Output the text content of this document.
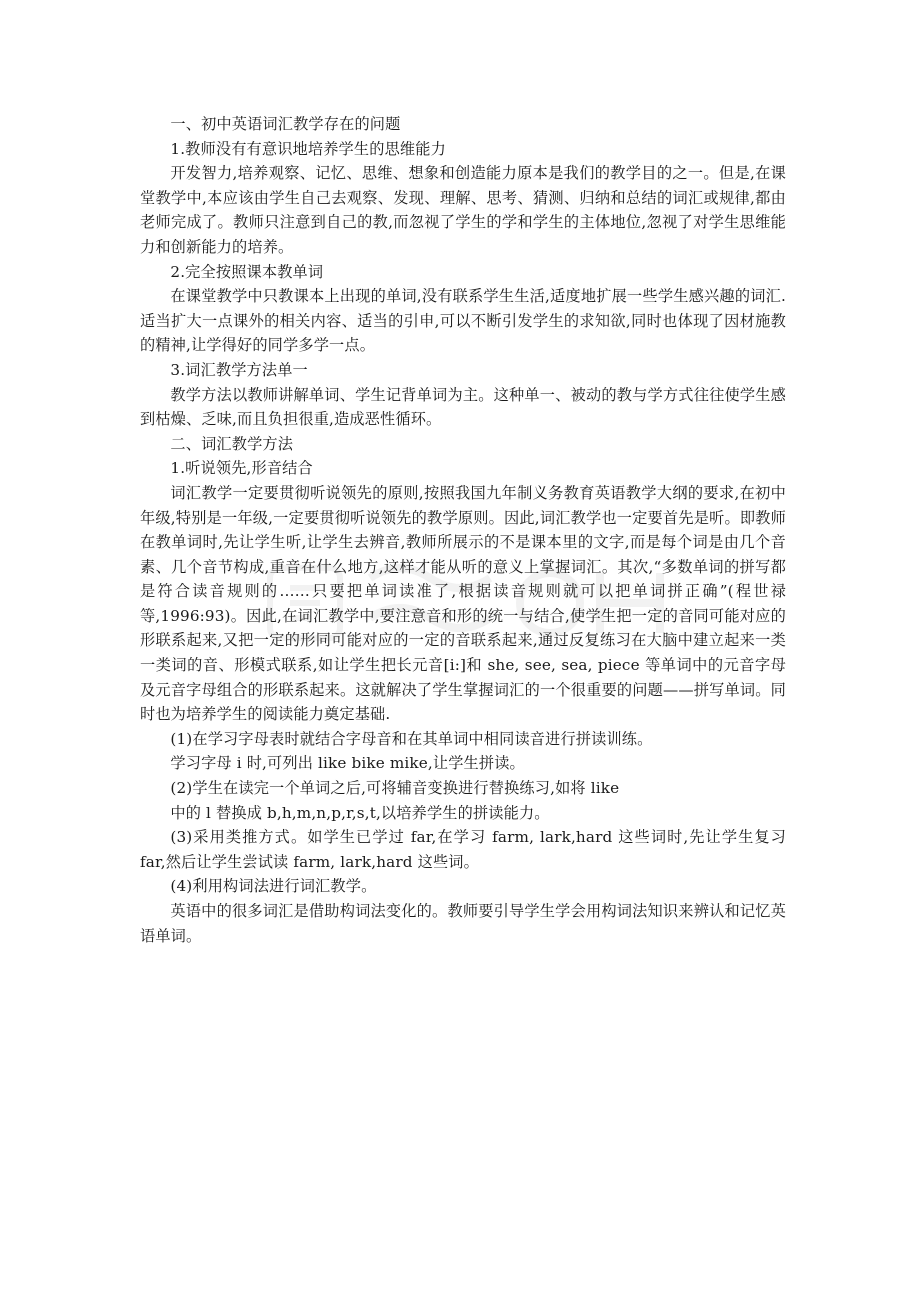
一、初中英语词汇教学存在的问题

1.教师没有有意识地培养学生的思维能力

开发智力,培养观察、记忆、思维、想象和创造能力原本是我们的教学目的之一。但是,在课堂教学中,本应该由学生自己去观察、发现、理解、思考、猜测、归纳和总结的词汇或规律,都由老师完成了。教师只注意到自己的教,而忽视了学生的学和学生的主体地位,忽视了对学生思维能力和创新能力的培养。

2.完全按照课本教单词

在课堂教学中只教课本上出现的单词,没有联系学生生活,适度地扩展一些学生感兴趣的词汇.适当扩大一点课外的相关内容、适当的引申,可以不断引发学生的求知欲,同时也体现了因材施教的精神,让学得好的同学多学一点。

3.词汇教学方法单一

教学方法以教师讲解单词、学生记背单词为主。这种单一、被动的教与学方式往往使学生感到枯燥、乏味,而且负担很重,造成恶性循环。

二、词汇教学方法

1.听说领先,形音结合

词汇教学一定要贯彻听说领先的原则,按照我国九年制义务教育英语教学大纲的要求,在初中年级,特别是一年级,一定要贯彻听说领先的教学原则。因此,词汇教学也一定要首先是听。即教师在教单词时,先让学生听,让学生去辨音,教师所展示的不是课本里的文字,而是每个词是由几个音素、几个音节构成,重音在什么地方,这样才能从听的意义上掌握词汇。其次,“多数单词的拼写都是符合读音规则的……只要把单词读准了,根据读音规则就可以把单词拼正确”(程世禄等,1996:93)。因此,在词汇教学中,要注意音和形的统一与结合,使学生把一定的音同可能对应的形联系起来,又把一定的形同可能对应的一定的音联系起来,通过反复练习在大脑中建立起来一类一类词的音、形模式联系,如让学生把长元音[i:]和 she, see, sea, piece 等单词中的元音字母及元音字母组合的形联系起来。这就解决了学生掌握词汇的一个很重要的问题——拼写单词。同时也为培养学生的阅读能力奠定基础.

(1)在学习字母表时就结合字母音和在其单词中相同读音进行拼读训练。

学习字母 i 时,可列出 like bike mike,让学生拼读。

(2)学生在读完一个单词之后,可将辅音变换进行替换练习,如将 like

中的 l 替换成 b,h,m,n,p,r,s,t,以培养学生的拼读能力。

(3)采用类推方式。如学生已学过 far,在学习 farm, lark,hard 这些词时,先让学生复习 far,然后让学生尝试读 farm, lark,hard 这些词。

(4)利用构词法进行词汇教学。

英语中的很多词汇是借助构词法变化的。教师要引导学生学会用构词法知识来辨认和记忆英语单词。
